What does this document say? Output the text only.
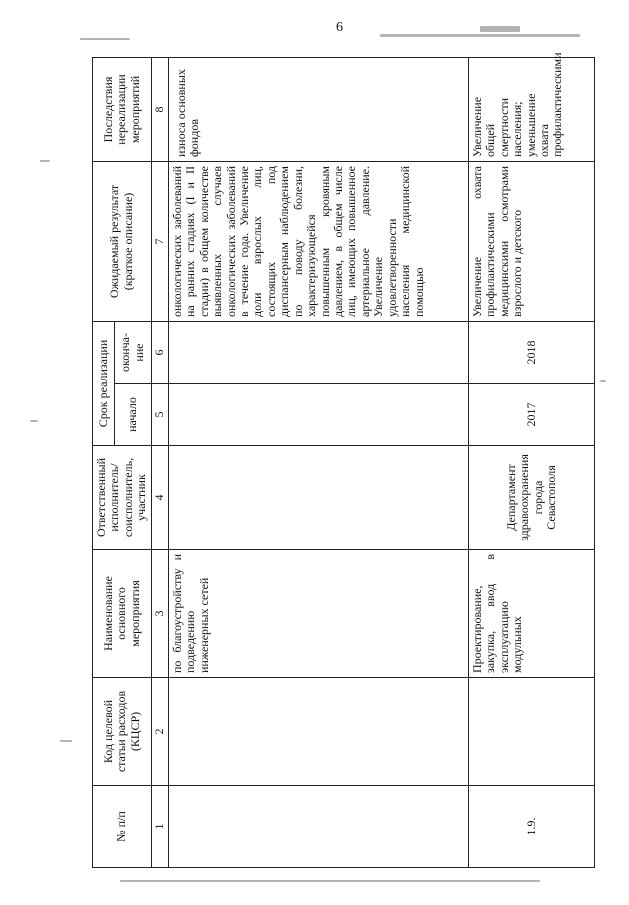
6
№ п/п	Код целевой статьи расходов (КЦСР)	Наименование основного мероприятия	Ответственный исполнитель/ соисполнитель, участник	Срок реализации		Ожидаемый результат (краткое описание)	Последствия нереализации мероприятий
				начало	оконча-ние		
1	2	3	4	5	6	7	8
		по благоустройству и подведению инженерных сетей				онкологических заболеваний на ранних стадиях (I и II стадии) в общем количестве выявленных случаев онкологических заболеваний в течение года. Увеличение доли взрослых лиц, состоящих под диспансерным наблюдением по поводу болезни, характеризующейся повышенным кровяным давлением, в общем числе лиц, имеющих повышенное артериальное давление. Увеличение удовлетворенности населения медицинской помощью	износа основных фондов
1.9.		Проектирование, закупка, ввод в эксплуатацию модульных	Департамент здравоохранения города Севастополя	2017	2018	Увеличение охвата профилактическими медицинскими осмотрами взрослого и детского	Увеличение общей смертности населения; уменьшение охвата профилактическими
